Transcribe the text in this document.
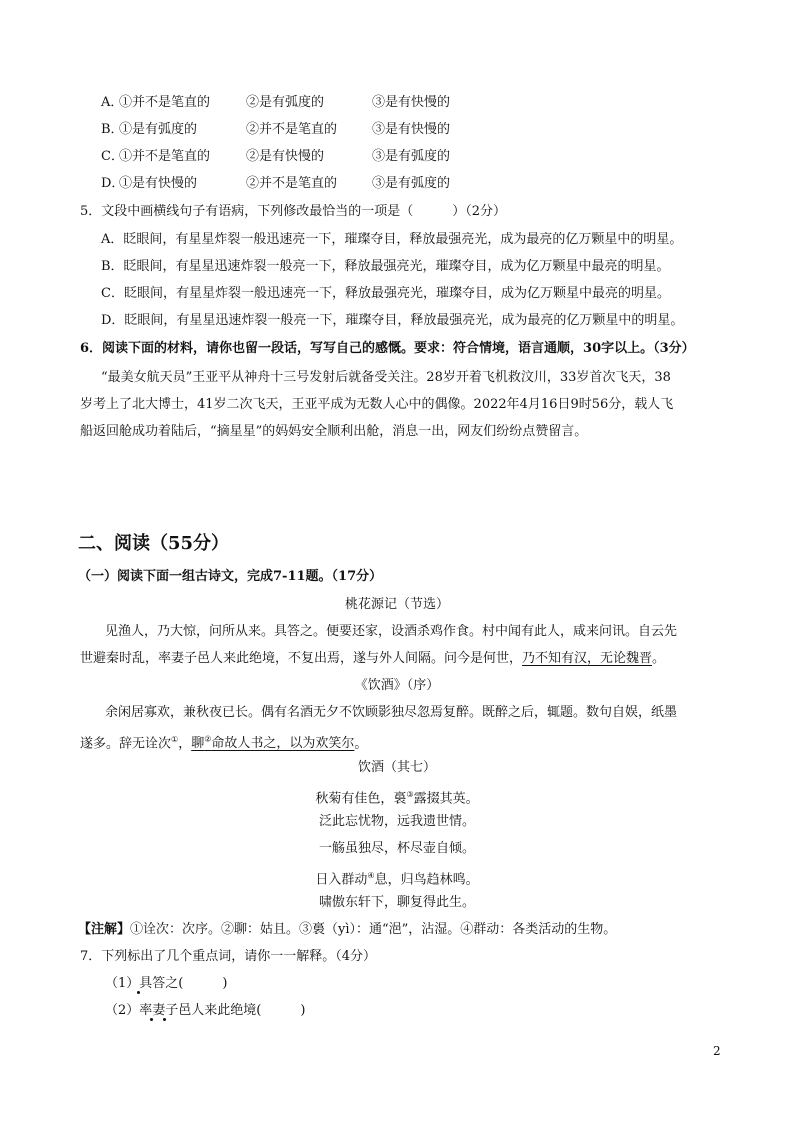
A．
①并不是笔直的	②是有弧度的	③是有快慢的
B．
①是有弧度的	②并不是笔直的	③是有快慢的
C．
①并不是笔直的	②是有快慢的	③是有弧度的
D．
①是有快慢的	②并不是笔直的	③是有弧度的
5．文段中画横线句子有语病，下列修改最恰当的一项是（　　　）（2分）
A．眨眼间，有星星炸裂一般迅速亮一下，璀璨夺目，释放最强亮光，成为最亮的亿万颗星中的明星。
B．眨眼间，有星星迅速炸裂一般亮一下，释放最强亮光，璀璨夺目，成为亿万颗星中最亮的明星。
C．眨眼间，有星星炸裂一般迅速亮一下，释放最强亮光，璀璨夺目，成为亿万颗星中最亮的明星。
D．眨眼间，有星星迅速炸裂一般亮一下，璀璨夺目，释放最强亮光，成为最亮的亿万颗星中的明星。
6．阅读下面的材料，请你也留一段话，写写自己的感慨。要求：符合情境，语言通顺，30字以上。（3分）
“最美女航天员”王亚平从神舟十三号发射后就备受关注。28岁开着飞机救汶川，33岁首次飞天，38
岁考上了北大博士，41岁二次飞天，王亚平成为无数人心中的偶像。2022年4月16日9时56分，载人飞
船返回舱成功着陆后，“摘星星”的妈妈安全顺利出舱，消息一出，网友们纷纷点赞留言。
二、阅读（55分）
（一）阅读下面一组古诗文，完成7-11题。（17分）
桃花源记（节选）
见渔人，乃大惊，问所从来。具答之。便要还家，设酒杀鸡作食。村中闻有此人，咸来问讯。自云先
世避秦时乱，率妻子邑人来此绝境，不复出焉，遂与外人间隔。问今是何世，乃不知有汉，无论魏晋。
《饮酒》（序）
余闲居寡欢，兼秋夜已长。偶有名酒无夕不饮顾影独尽忽焉复醉。既醉之后，辄题。数句自娱，纸墨
遂多。辞无诠次①，聊②命故人书之，以为欢笑尔。
饮酒（其七）
秋菊有佳色，裛③露掇其英。
泛此忘忧物，远我遗世情。
一觞虽独尽，杯尽壶自倾。
日入群动④息，归鸟趋林鸣。
啸傲东轩下，聊复得此生。
【注解】①诠次：次序。②聊：姑且。③裛（yì）：通“浥”，沾湿。④群动：各类活动的生物。
7．下列标出了几个重点词，请你一一解释。（4分）
（1）具答之(　　　)
（2）率妻子邑人来此绝境(　　　)
2
